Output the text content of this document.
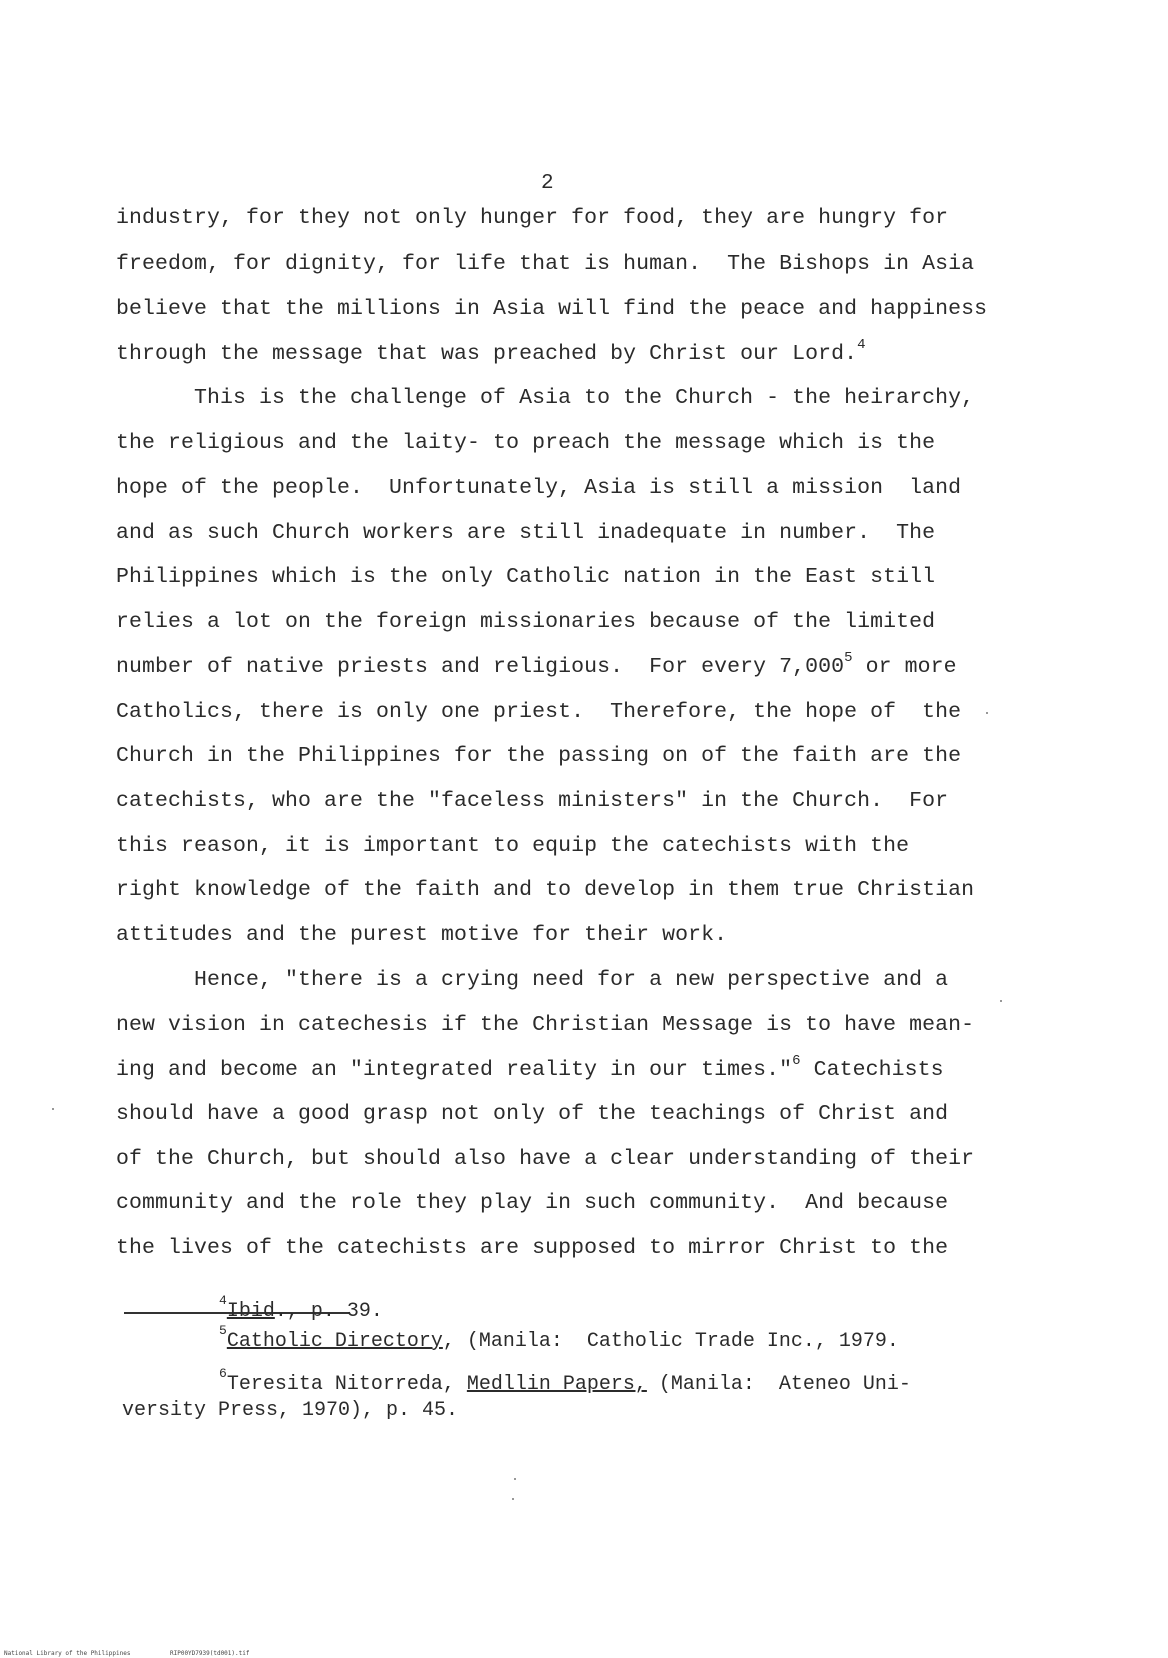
2
industry, for they not only hunger for food, they are hungry for
freedom, for dignity, for life that is human.  The Bishops in Asia
believe that the millions in Asia will find the peace and happiness
through the message that was preached by Christ our Lord.$^4$
This is the challenge of Asia to the Church - the heirarchy,
the religious and the laity- to preach the message which is the
hope of the people.  Unfortunately, Asia is still a mission  land
and as such Church workers are still inadequate in number.  The
Philippines which is the only Catholic nation in the East still
relies a lot on the foreign missionaries because of the limited
number of native priests and religious.  For every 7,000$^5$ or more
Catholics, there is only one priest.  Therefore, the hope of  the
Church in the Philippines for the passing on of the faith are the
catechists, who are the "faceless ministers" in the Church.  For
this reason, it is important to equip the catechists with the
right knowledge of the faith and to develop in them true Christian
attitudes and the purest motive for their work.
Hence, "there is a crying need for a new perspective and a
new vision in catechesis if the Christian Message is to have mean-
ing and become an "integrated reality in our times."$^6$ Catechists
should have a good grasp not only of the teachings of Christ and
of the Church, but should also have a clear understanding of their
community and the role they play in such community.  And because
the lives of the catechists are supposed to mirror Christ to the
$^4$Ibid., p. 39.
$^5$Catholic Directory, (Manila:  Catholic Trade Inc., 1979.
$^6$Teresita Nitorreda, Medllin Papers, (Manila:  Ateneo Uni-
versity Press, 1970), p. 45.
National Library of the Philippines	RIP00YD7939(td001).tif
